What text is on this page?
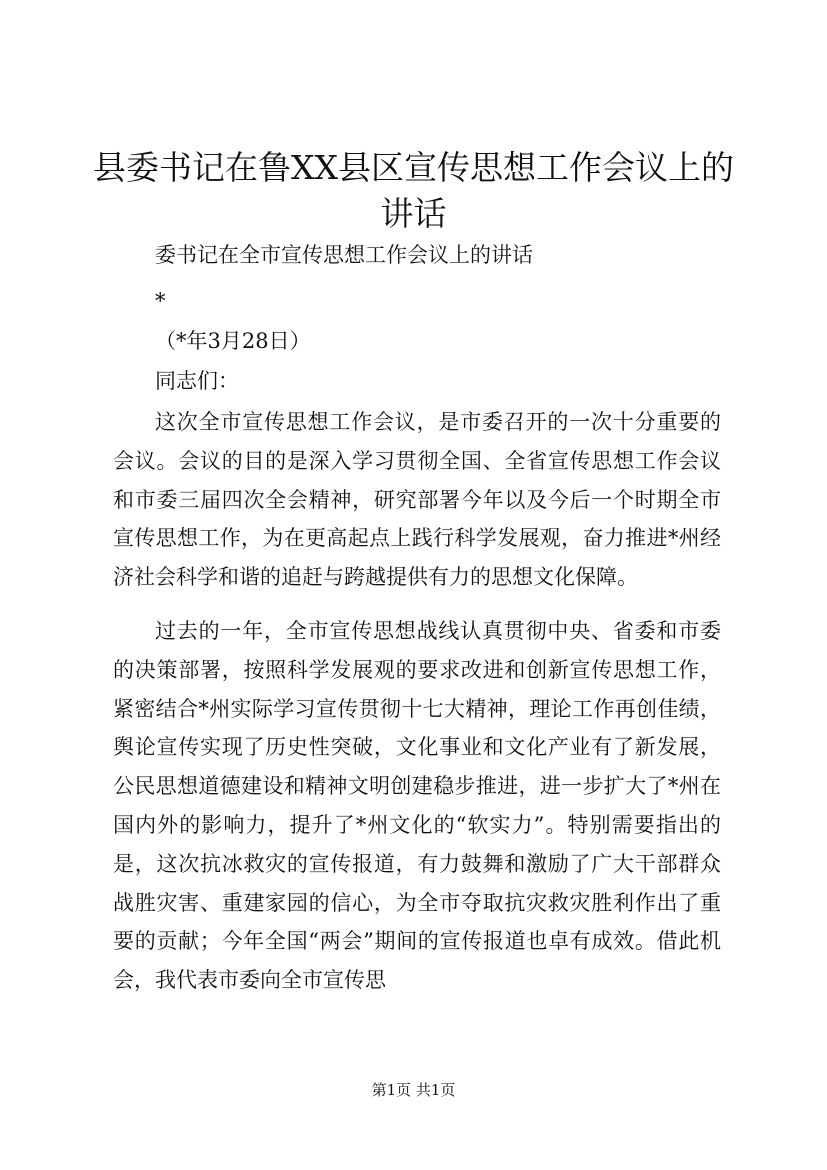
县委书记在鲁XX县区宣传思想工作会议上的
讲话

委书记在全市宣传思想工作会议上的讲话

*

（*年3月28日）

同志们：

这次全市宣传思想工作会议，是市委召开的一次十分重要的会议。会议的目的是深入学习贯彻全国、全省宣传思想工作会议和市委三届四次全会精神，研究部署今年以及今后一个时期全市宣传思想工作，为在更高起点上践行科学发展观，奋力推进*州经济社会科学和谐的追赶与跨越提供有力的思想文化保障。

过去的一年，全市宣传思想战线认真贯彻中央、省委和市委的决策部署，按照科学发展观的要求改进和创新宣传思想工作，紧密结合*州实际学习宣传贯彻十七大精神，理论工作再创佳绩，舆论宣传实现了历史性突破，文化事业和文化产业有了新发展，公民思想道德建设和精神文明创建稳步推进，进一步扩大了*州在国内外的影响力，提升了*州文化的“软实力”。特别需要指出的是，这次抗冰救灾的宣传报道，有力鼓舞和激励了广大干部群众战胜灾害、重建家园的信心，为全市夺取抗灾救灾胜利作出了重要的贡献；今年全国“两会”期间的宣传报道也卓有成效。借此机会，我代表市委向全市宣传思

第1页 共1页
